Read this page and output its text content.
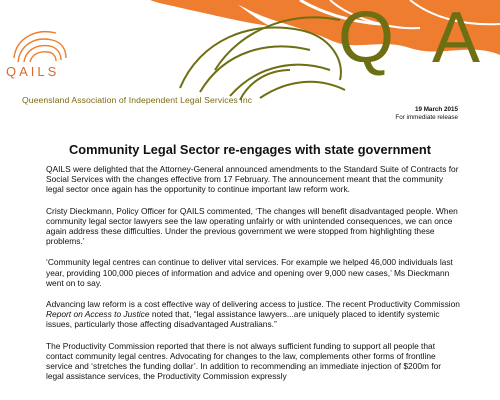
Q A
QAILS
Queensland Association of Independent Legal Services Inc
19 March 2015
For immediate release
Community Legal Sector re-engages with state government

QAILS were delighted that the Attorney-General announced amendments to the Standard Suite of Contracts for Social Services with the changes effective from 17 February. The announcement meant that the community legal sector once again has the opportunity to continue important law reform work.

Cristy Dieckmann, Policy Officer for QAILS commented, ‘The changes will benefit disadvantaged people. When community legal sector lawyers see the law operating unfairly or with unintended consequences, we can once again address these difficulties. Under the previous government we were stopped from highlighting these problems.’

‘Community legal centres can continue to deliver vital services. For example we helped 46,000 individuals last year, providing 100,000 pieces of information and advice and opening over 9,000 new cases,’ Ms Dieckmann went on to say.

Advancing law reform is a cost effective way of delivering access to justice. The recent Productivity Commission Report on Access to Justice noted that, “legal assistance lawyers...are uniquely placed to identify systemic issues, particularly those affecting disadvantaged Australians.”

The Productivity Commission reported that there is not always sufficient funding to support all people that contact community legal centres. Advocating for changes to the law, complements other forms of frontline service and ‘stretches the funding dollar’. In addition to recommending an immediate injection of $200m for legal assistance services, the Productivity Commission expressly
